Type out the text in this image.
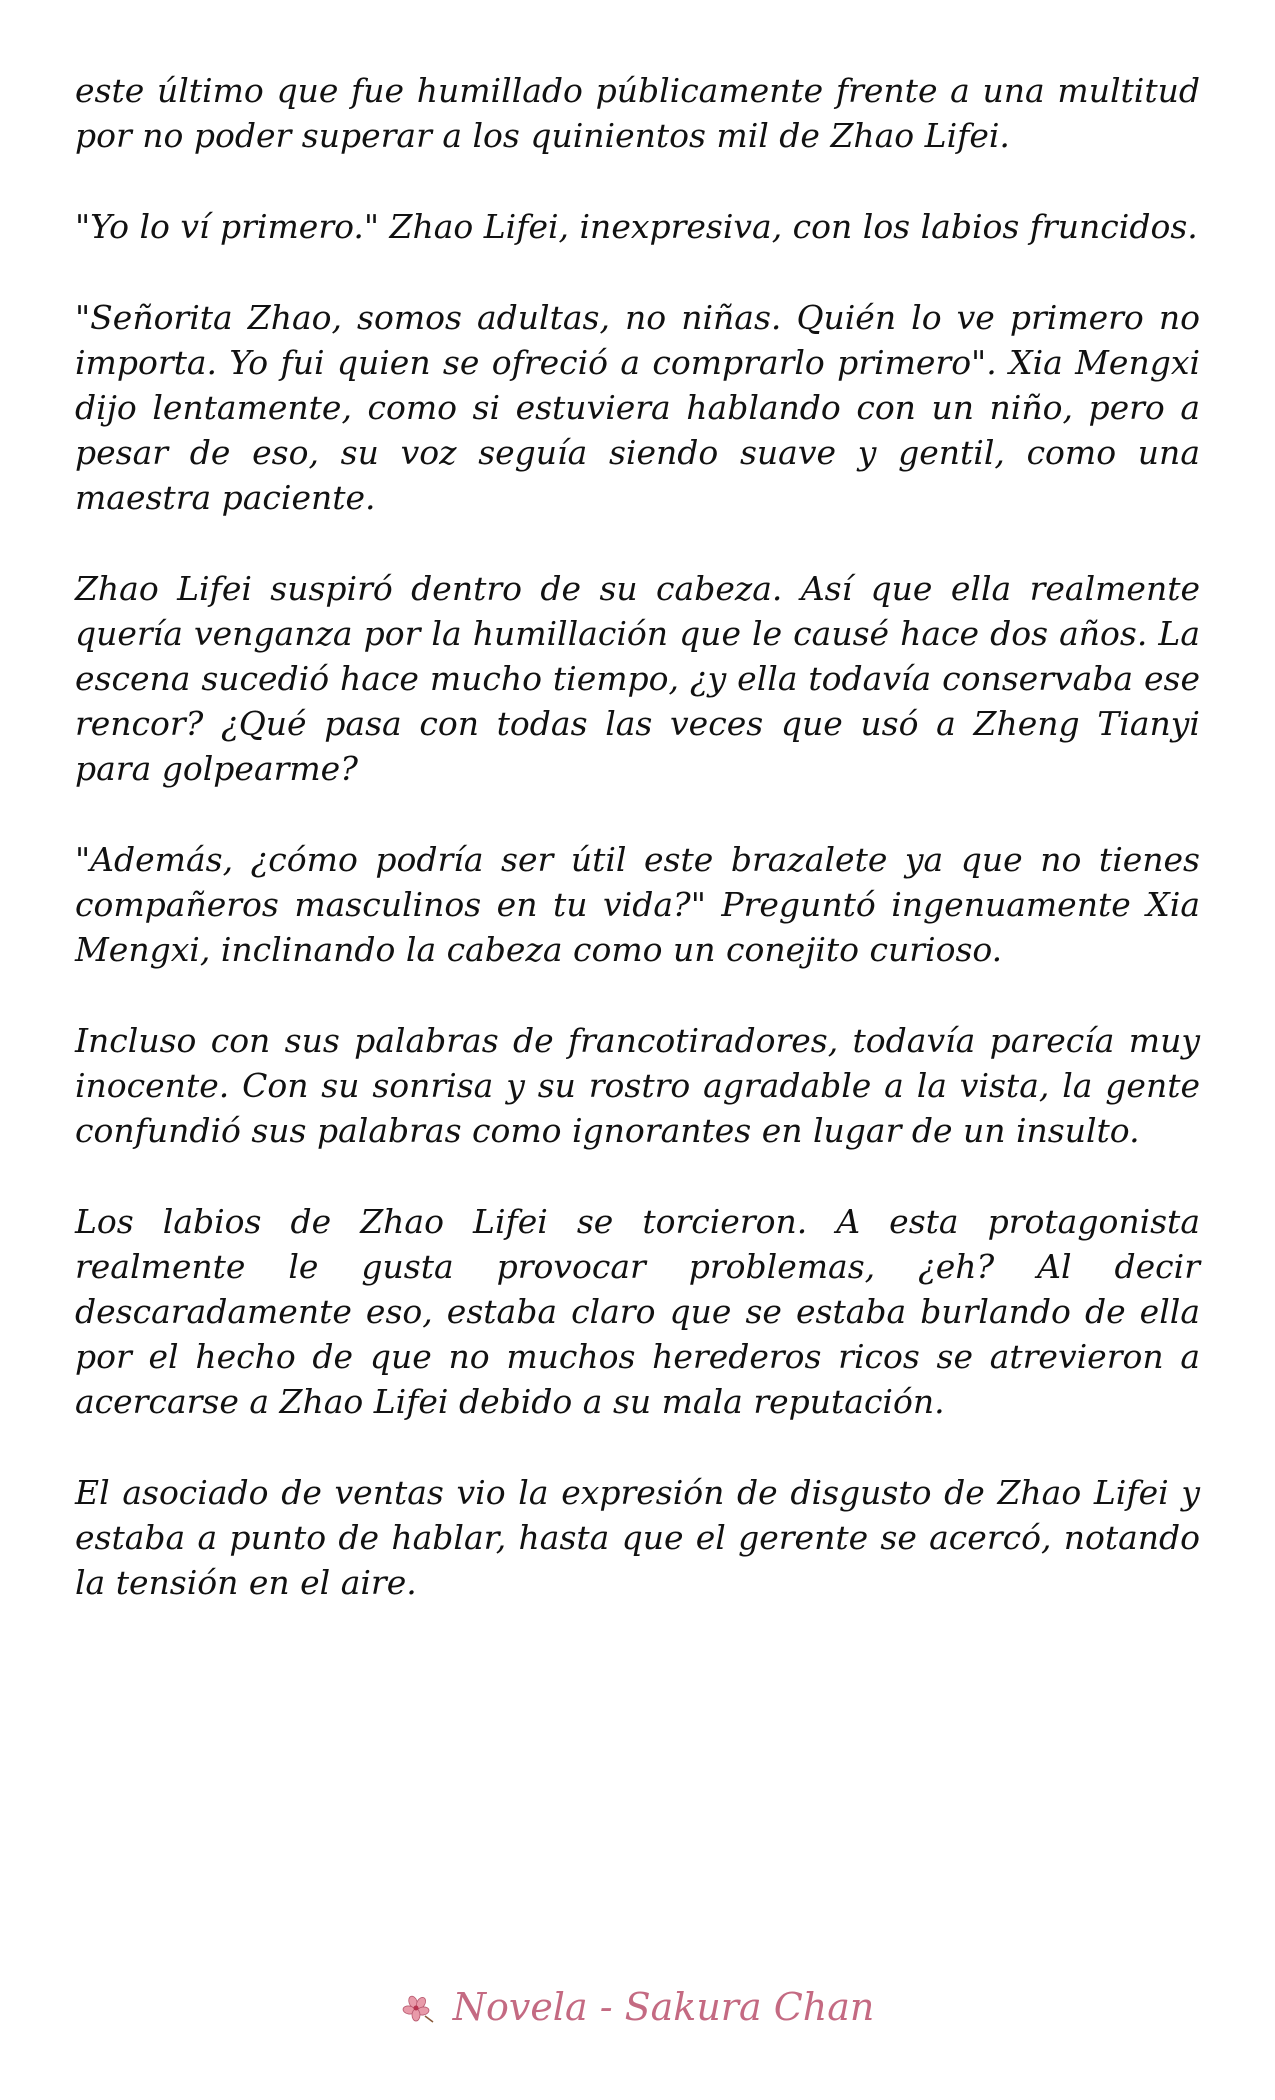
este último que fue humillado públicamente frente a una multitud por no poder superar a los quinientos mil de Zhao Lifei.

"Yo lo ví primero." Zhao Lifei, inexpresiva, con los labios fruncidos.

"Señorita Zhao, somos adultas, no niñas. Quién lo ve primero no importa. Yo fui quien se ofreció a comprarlo primero". Xia Mengxi dijo lentamente, como si estuviera hablando con un niño, pero a pesar de eso, su voz seguía siendo suave y gentil, como una maestra paciente.

Zhao Lifei suspiró dentro de su cabeza. Así que ella realmente quería venganza por la humillación que le causé hace dos años. La escena sucedió hace mucho tiempo, ¿y ella todavía conservaba ese rencor? ¿Qué pasa con todas las veces que usó a Zheng Tianyi para golpearme?

"Además, ¿cómo podría ser útil este brazalete ya que no tienes compañeros masculinos en tu vida?" Preguntó ingenuamente Xia Mengxi, inclinando la cabeza como un conejito curioso.

Incluso con sus palabras de francotiradores, todavía parecía muy inocente. Con su sonrisa y su rostro agradable a la vista, la gente confundió sus palabras como ignorantes en lugar de un insulto.

Los labios de Zhao Lifei se torcieron. A esta protagonista realmente le gusta provocar problemas, ¿eh? Al decir descaradamente eso, estaba claro que se estaba burlando de ella por el hecho de que no muchos herederos ricos se atrevieron a acercarse a Zhao Lifei debido a su mala reputación.

El asociado de ventas vio la expresión de disgusto de Zhao Lifei y estaba a punto de hablar, hasta que el gerente se acercó, notando la tensión en el aire.

Novela - Sakura Chan
